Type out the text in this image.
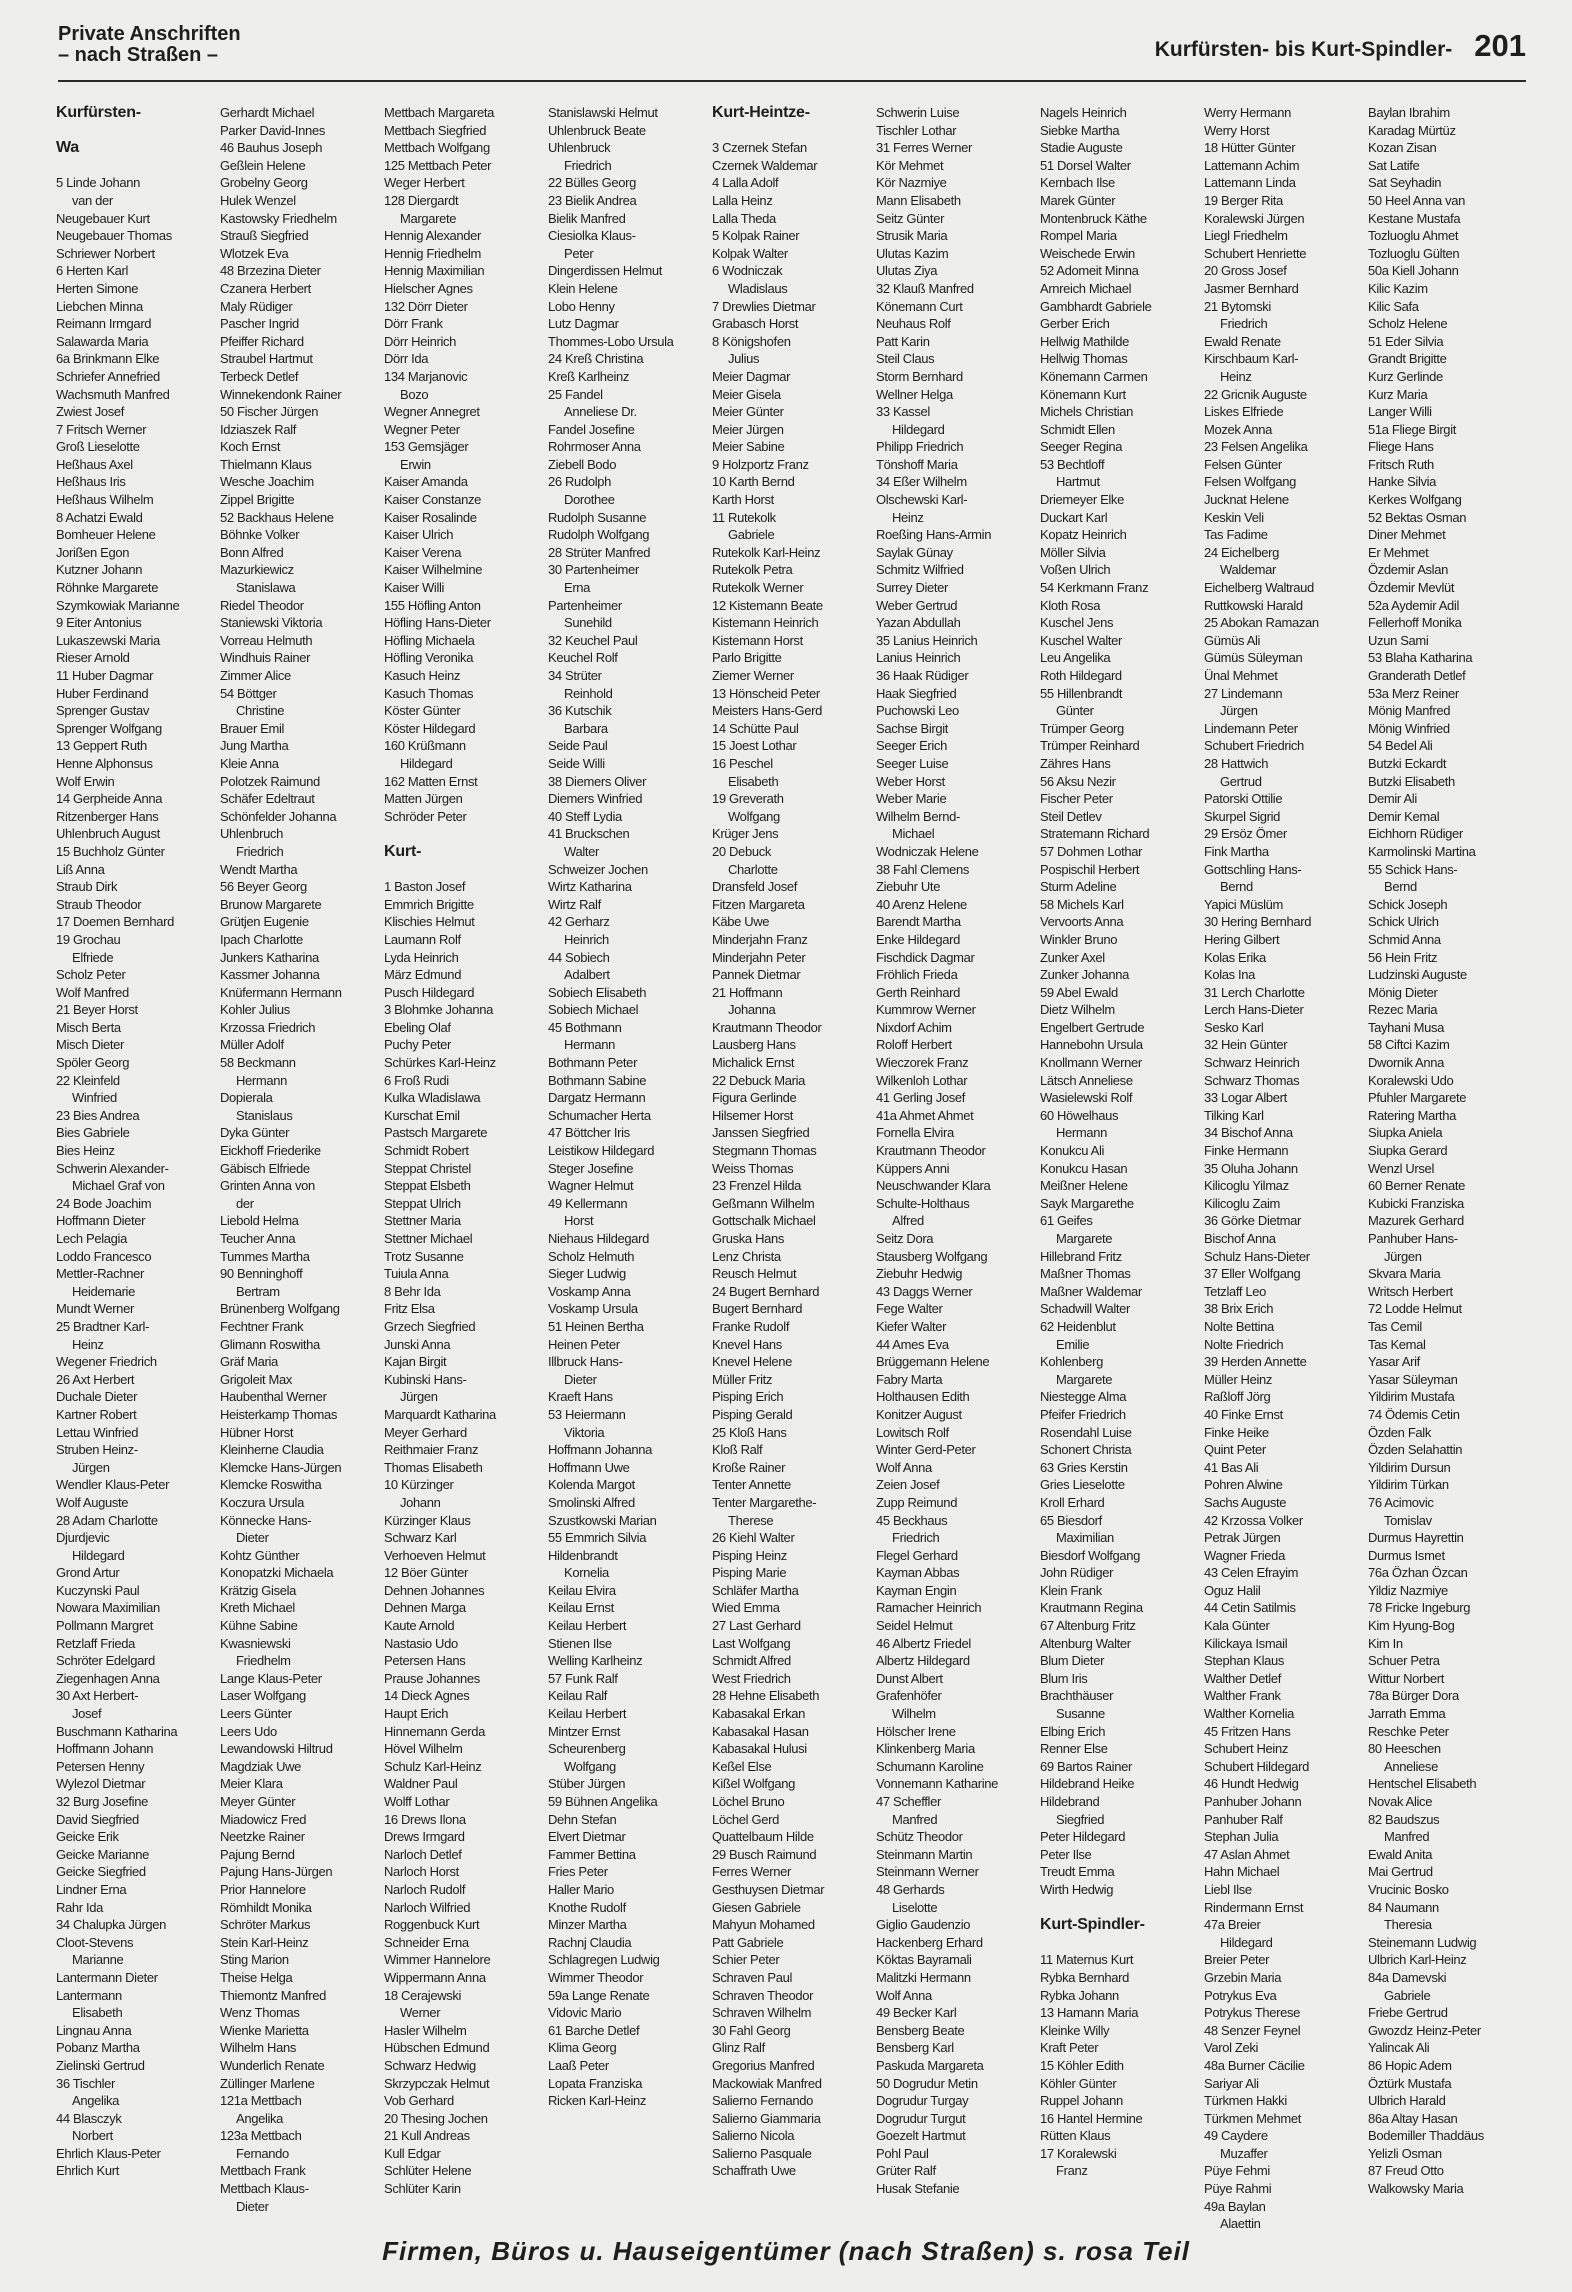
Private Anschriften
– nach Straßen –	Kurfürsten- bis Kurt-Spindler- 201
Kurfürsten-

Wa

5 Linde Johann
van der
Neugebauer Kurt
Neugebauer Thomas
Schriewer Norbert
6 Herten Karl
Herten Simone
Liebchen Minna
Reimann Irmgard
Salawarda Maria
6a Brinkmann Elke
Schriefer Annefried
Wachsmuth Manfred
Zwiest Josef
7 Fritsch Werner
Groß Lieselotte
Heßhaus Axel
Heßhaus Iris
Heßhaus Wilhelm
8 Achatzi Ewald
Bomheuer Helene
Jorißen Egon
Kutzner Johann
Röhnke Margarete
Szymkowiak Marianne
9 Eiter Antonius
Lukaszewski Maria
Rieser Arnold
11 Huber Dagmar
Huber Ferdinand
Sprenger Gustav
Sprenger Wolfgang
13 Geppert Ruth
Henne Alphonsus
Wolf Erwin
14 Gerpheide Anna
Ritzenberger Hans
Uhlenbruch August
15 Buchholz Günter
Liß Anna
Straub Dirk
Straub Theodor
17 Doemen Bernhard
19 Grochau
Elfriede
Scholz Peter
Wolf Manfred
21 Beyer Horst
Misch Berta
Misch Dieter
Spöler Georg
22 Kleinfeld
Winfried
23 Bies Andrea
Bies Gabriele
Bies Heinz
Schwerin Alexander-
Michael Graf von
24 Bode Joachim
Hoffmann Dieter
Lech Pelagia
Loddo Francesco
Mettler-Rachner
Heidemarie
Mundt Werner
25 Bradtner Karl-
Heinz
Wegener Friedrich
26 Axt Herbert
Duchale Dieter
Kartner Robert
Lettau Winfried
Struben Heinz-
Jürgen
Wendler Klaus-Peter
Wolf Auguste
28 Adam Charlotte
Djurdjevic
Hildegard
Grond Artur
Kuczynski Paul
Nowara Maximilian
Pollmann Margret
Retzlaff Frieda
Schröter Edelgard
Ziegenhagen Anna
30 Axt Herbert-
Josef
Buschmann Katharina
Hoffmann Johann
Petersen Henny
Wylezol Dietmar
32 Burg Josefine
David Siegfried
Geicke Erik
Geicke Marianne
Geicke Siegfried
Lindner Erna
Rahr Ida
34 Chalupka Jürgen
Cloot-Stevens
Marianne
Lantermann Dieter
Lantermann
Elisabeth
Lingnau Anna
Pobanz Martha
Zielinski Gertrud
36 Tischler
Angelika
44 Blasczyk
Norbert
Ehrlich Klaus-Peter
Ehrlich Kurt
Gerhardt Michael
Parker David-Innes
46 Bauhus Joseph
Geßlein Helene
Grobelny Georg
Hulek Wenzel
Kastowsky Friedhelm
Strauß Siegfried
Wlotzek Eva
48 Brzezina Dieter
Czanera Herbert
Maly Rüdiger
Pascher Ingrid
Pfeiffer Richard
Straubel Hartmut
Terbeck Detlef
Winnekendonk Rainer
50 Fischer Jürgen
Idziaszek Ralf
Koch Ernst
Thielmann Klaus
Wesche Joachim
Zippel Brigitte
52 Backhaus Helene
Böhnke Volker
Bonn Alfred
Mazurkiewicz
Stanislawa
Riedel Theodor
Staniewski Viktoria
Vorreau Helmuth
Windhuis Rainer
Zimmer Alice
54 Böttger
Christine
Brauer Emil
Jung Martha
Kleie Anna
Polotzek Raimund
Schäfer Edeltraut
Schönfelder Johanna
Uhlenbruch
Friedrich
Wendt Martha
56 Beyer Georg
Brunow Margarete
Grütjen Eugenie
Ipach Charlotte
Junkers Katharina
Kassmer Johanna
Knüfermann Hermann
Kohler Julius
Krzossa Friedrich
Müller Adolf
58 Beckmann
Hermann
Dopierala
Stanislaus
Dyka Günter
Eickhoff Friederike
Gäbisch Elfriede
Grinten Anna von
der
Liebold Helma
Teucher Anna
Tummes Martha
90 Benninghoff
Bertram
Brünenberg Wolfgang
Fechtner Frank
Glimann Roswitha
Gräf Maria
Grigoleit Max
Haubenthal Werner
Heisterkamp Thomas
Hübner Horst
Kleinherne Claudia
Klemcke Hans-Jürgen
Klemcke Roswitha
Koczura Ursula
Könnecke Hans-
Dieter
Kohtz Günther
Konopatzki Michaela
Krätzig Gisela
Kreth Michael
Kühne Sabine
Kwasniewski
Friedhelm
Lange Klaus-Peter
Laser Wolfgang
Leers Günter
Leers Udo
Lewandowski Hiltrud
Magdziak Uwe
Meier Klara
Meyer Günter
Miadowicz Fred
Neetzke Rainer
Pajung Bernd
Pajung Hans-Jürgen
Prior Hannelore
Römhildt Monika
Schröter Markus
Stein Karl-Heinz
Sting Marion
Theise Helga
Thiemontz Manfred
Wenz Thomas
Wienke Marietta
Wilhelm Hans
Wunderlich Renate
Züllinger Marlene
121a Mettbach
Angelika
123a Mettbach
Fernando
Mettbach Frank
Mettbach Klaus-
Dieter
Mettbach Margareta
Mettbach Siegfried
Mettbach Wolfgang
125 Mettbach Peter
Weger Herbert
128 Diergardt
Margarete
Hennig Alexander
Hennig Friedhelm
Hennig Maximilian
Hielscher Agnes
132 Dörr Dieter
Dörr Frank
Dörr Heinrich
Dörr Ida
134 Marjanovic
Bozo
Wegner Annegret
Wegner Peter
153 Gemsjäger
Erwin
Kaiser Amanda
Kaiser Constanze
Kaiser Rosalinde
Kaiser Ulrich
Kaiser Verena
Kaiser Wilhelmine
Kaiser Willi
155 Höfling Anton
Höfling Hans-Dieter
Höfling Michaela
Höfling Veronika
Kasuch Heinz
Kasuch Thomas
Köster Günter
Köster Hildegard
160 Krüßmann
Hildegard
162 Matten Ernst
Matten Jürgen
Schröder Peter

Kurt-

1 Baston Josef
Emmrich Brigitte
Klischies Helmut
Laumann Rolf
Lyda Heinrich
März Edmund
Pusch Hildegard
3 Blohmke Johanna
Ebeling Olaf
Puchy Peter
Schürkes Karl-Heinz
6 Froß Rudi
Kulka Wladislawa
Kurschat Emil
Pastsch Margarete
Schmidt Robert
Steppat Christel
Steppat Elsbeth
Steppat Ulrich
Stettner Maria
Stettner Michael
Trotz Susanne
Tuiula Anna
8 Behr Ida
Fritz Elsa
Grzech Siegfried
Junski Anna
Kajan Birgit
Kubinski Hans-
Jürgen
Marquardt Katharina
Meyer Gerhard
Reithmaier Franz
Thomas Elisabeth
10 Kürzinger
Johann
Kürzinger Klaus
Schwarz Karl
Verhoeven Helmut
12 Böer Günter
Dehnen Johannes
Dehnen Marga
Kaute Arnold
Nastasio Udo
Petersen Hans
Prause Johannes
14 Dieck Agnes
Haupt Erich
Hinnemann Gerda
Hövel Wilhelm
Schulz Karl-Heinz
Waldner Paul
Wolff Lothar
16 Drews Ilona
Drews Irmgard
Narloch Detlef
Narloch Horst
Narloch Rudolf
Narloch Wilfried
Roggenbuck Kurt
Schneider Erna
Wimmer Hannelore
Wippermann Anna
18 Cerajewski
Werner
Hasler Wilhelm
Hübschen Edmund
Schwarz Hedwig
Skrzypczak Helmut
Vob Gerhard
20 Thesing Jochen
21 Kull Andreas
Kull Edgar
Schlüter Helene
Schlüter Karin
Stanislawski Helmut
Uhlenbruck Beate
Uhlenbruck
Friedrich
22 Bülles Georg
23 Bielik Andrea
Bielik Manfred
Ciesiolka Klaus-
Peter
Dingerdissen Helmut
Klein Helene
Lobo Henny
Lutz Dagmar
Thommes-Lobo Ursula
24 Kreß Christina
Kreß Karlheinz
25 Fandel
Anneliese Dr.
Fandel Josefine
Rohrmoser Anna
Ziebell Bodo
26 Rudolph
Dorothee
Rudolph Susanne
Rudolph Wolfgang
28 Strüter Manfred
30 Partenheimer
Erna
Partenheimer
Sunehild
32 Keuchel Paul
Keuchel Rolf
34 Strüter
Reinhold
36 Kutschik
Barbara
Seide Paul
Seide Willi
38 Diemers Oliver
Diemers Winfried
40 Steff Lydia
41 Bruckschen
Walter
Schweizer Jochen
Wirtz Katharina
Wirtz Ralf
42 Gerharz
Heinrich
44 Sobiech
Adalbert
Sobiech Elisabeth
Sobiech Michael
45 Bothmann
Hermann
Bothmann Peter
Bothmann Sabine
Dargatz Hermann
Schumacher Herta
47 Böttcher Iris
Leistikow Hildegard
Steger Josefine
Wagner Helmut
49 Kellermann
Horst
Niehaus Hildegard
Scholz Helmuth
Sieger Ludwig
Voskamp Anna
Voskamp Ursula
51 Heinen Bertha
Heinen Peter
Illbruck Hans-
Dieter
Kraeft Hans
53 Heiermann
Viktoria
Hoffmann Johanna
Hoffmann Uwe
Kolenda Margot
Smolinski Alfred
Szustkowski Marian
55 Emmrich Silvia
Hildenbrandt
Kornelia
Keilau Elvira
Keilau Ernst
Keilau Herbert
Stienen Ilse
Welling Karlheinz
57 Funk Ralf
Keilau Ralf
Keilau Herbert
Mintzer Ernst
Scheurenberg
Wolfgang
Stüber Jürgen
59 Bühnen Angelika
Dehn Stefan
Elvert Dietmar
Fammer Bettina
Fries Peter
Haller Mario
Knothe Rudolf
Minzer Martha
Rachnj Claudia
Schlagregen Ludwig
Wimmer Theodor
59a Lange Renate
Vidovic Mario
61 Barche Detlef
Klima Georg
Laaß Peter
Lopata Franziska
Ricken Karl-Heinz
Kurt-Heintze-

3 Czernek Stefan
Czernek Waldemar
4 Lalla Adolf
Lalla Heinz
Lalla Theda
5 Kolpak Rainer
Kolpak Walter
6 Wodniczak
Wladislaus
7 Drewlies Dietmar
Grabasch Horst
8 Königshofen
Julius
Meier Dagmar
Meier Gisela
Meier Günter
Meier Jürgen
Meier Sabine
9 Holzportz Franz
10 Karth Bernd
Karth Horst
11 Rutekolk
Gabriele
Rutekolk Karl-Heinz
Rutekolk Petra
Rutekolk Werner
12 Kistemann Beate
Kistemann Heinrich
Kistemann Horst
Parlo Brigitte
Ziemer Werner
13 Hönscheid Peter
Meisters Hans-Gerd
14 Schütte Paul
15 Joest Lothar
16 Peschel
Elisabeth
19 Greverath
Wolfgang
Krüger Jens
20 Debuck
Charlotte
Dransfeld Josef
Fitzen Margareta
Käbe Uwe
Minderjahn Franz
Minderjahn Peter
Pannek Dietmar
21 Hoffmann
Johanna
Krautmann Theodor
Lausberg Hans
Michalick Ernst
22 Debuck Maria
Figura Gerlinde
Hilsemer Horst
Janssen Siegfried
Stegmann Thomas
Weiss Thomas
23 Frenzel Hilda
Geßmann Wilhelm
Gottschalk Michael
Gruska Hans
Lenz Christa
Reusch Helmut
24 Bugert Bernhard
Bugert Bernhard
Franke Rudolf
Knevel Hans
Knevel Helene
Müller Fritz
Pisping Erich
Pisping Gerald
25 Kloß Hans
Kloß Ralf
Kroße Rainer
Tenter Annette
Tenter Margarethe-
Therese
26 Kiehl Walter
Pisping Heinz
Pisping Marie
Schläfer Martha
Wied Emma
27 Last Gerhard
Last Wolfgang
Schmidt Alfred
West Friedrich
28 Hehne Elisabeth
Kabasakal Erkan
Kabasakal Hasan
Kabasakal Hulusi
Keßel Else
Kißel Wolfgang
Löchel Bruno
Löchel Gerd
Quattelbaum Hilde
29 Busch Raimund
Ferres Werner
Gesthuysen Dietmar
Giesen Gabriele
Mahyun Mohamed
Patt Gabriele
Schier Peter
Schraven Paul
Schraven Theodor
Schraven Wilhelm
30 Fahl Georg
Glinz Ralf
Gregorius Manfred
Mackowiak Manfred
Salierno Fernando
Salierno Giammaria
Salierno Nicola
Salierno Pasquale
Schaffrath Uwe
Schwerin Luise
Tischler Lothar
31 Ferres Werner
Kör Mehmet
Kör Nazmiye
Mann Elisabeth
Seitz Günter
Strusik Maria
Ulutas Kazim
Ulutas Ziya
32 Klauß Manfred
Könemann Curt
Neuhaus Rolf
Patt Karin
Steil Claus
Storm Bernhard
Wellner Helga
33 Kassel
Hildegard
Philipp Friedrich
Tönshoff Maria
34 Eßer Wilhelm
Olschewski Karl-
Heinz
Roeßing Hans-Armin
Saylak Günay
Schmitz Wilfried
Surrey Dieter
Weber Gertrud
Yazan Abdullah
35 Lanius Heinrich
Lanius Heinrich
36 Haak Rüdiger
Haak Siegfried
Puchowski Leo
Sachse Birgit
Seeger Erich
Seeger Luise
Weber Horst
Weber Marie
Wilhelm Bernd-
Michael
Wodniczak Helene
38 Fahl Clemens
Ziebuhr Ute
40 Arenz Helene
Barendt Martha
Enke Hildegard
Fischdick Dagmar
Fröhlich Frieda
Gerth Reinhard
Kummrow Werner
Nixdorf Achim
Roloff Herbert
Wieczorek Franz
Wilkenloh Lothar
41 Gerling Josef
41a Ahmet Ahmet
Fornella Elvira
Krautmann Theodor
Küppers Anni
Neuschwander Klara
Schulte-Holthaus
Alfred
Seitz Dora
Stausberg Wolfgang
Ziebuhr Hedwig
43 Daggs Werner
Fege Walter
Kiefer Walter
44 Ames Eva
Brüggemann Helene
Fabry Marta
Holthausen Edith
Konitzer August
Lowitsch Rolf
Winter Gerd-Peter
Wolf Anna
Zeien Josef
Zupp Reimund
45 Beckhaus
Friedrich
Flegel Gerhard
Kayman Abbas
Kayman Engin
Ramacher Heinrich
Seidel Helmut
46 Albertz Friedel
Albertz Hildegard
Dunst Albert
Grafenhöfer
Wilhelm
Hölscher Irene
Klinkenberg Maria
Schumann Karoline
Vonnemann Katharine
47 Scheffler
Manfred
Schütz Theodor
Steinmann Martin
Steinmann Werner
48 Gerhards
Liselotte
Giglio Gaudenzio
Hackenberg Erhard
Köktas Bayramali
Malitzki Hermann
Wolf Anna
49 Becker Karl
Bensberg Beate
Bensberg Karl
Paskuda Margareta
50 Dogrudur Metin
Dogrudur Turgay
Dogrudur Turgut
Goezelt Hartmut
Pohl Paul
Grüter Ralf
Husak Stefanie
Nagels Heinrich
Siebke Martha
Stadie Auguste
51 Dorsel Walter
Kernbach Ilse
Marek Günter
Montenbruck Käthe
Rompel Maria
Weischede Erwin
52 Adomeit Minna
Arnreich Michael
Gambhardt Gabriele
Gerber Erich
Hellwig Mathilde
Hellwig Thomas
Könemann Carmen
Könemann Kurt
Michels Christian
Schmidt Ellen
Seeger Regina
53 Bechtloff
Hartmut
Driemeyer Elke
Duckart Karl
Kopatz Heinrich
Möller Silvia
Voßen Ulrich
54 Kerkmann Franz
Kloth Rosa
Kuschel Jens
Kuschel Walter
Leu Angelika
Roth Hildegard
55 Hillenbrandt
Günter
Trümper Georg
Trümper Reinhard
Zähres Hans
56 Aksu Nezir
Fischer Peter
Steil Detlev
Stratemann Richard
57 Dohmen Lothar
Pospischil Herbert
Sturm Adeline
58 Michels Karl
Vervoorts Anna
Winkler Bruno
Zunker Axel
Zunker Johanna
59 Abel Ewald
Dietz Wilhelm
Engelbert Gertrude
Hannebohn Ursula
Knollmann Werner
Lätsch Anneliese
Wasielewski Rolf
60 Höwelhaus
Hermann
Konukcu Ali
Konukcu Hasan
Meißner Helene
Sayk Margarethe
61 Geifes
Margarete
Hillebrand Fritz
Maßner Thomas
Maßner Waldemar
Schadwill Walter
62 Heidenblut
Emilie
Kohlenberg
Margarete
Niestegge Alma
Pfeifer Friedrich
Rosendahl Luise
Schonert Christa
63 Gries Kerstin
Gries Lieselotte
Kroll Erhard
65 Biesdorf
Maximilian
Biesdorf Wolfgang
John Rüdiger
Klein Frank
Krautmann Regina
67 Altenburg Fritz
Altenburg Walter
Blum Dieter
Blum Iris
Brachthäuser
Susanne
Elbing Erich
Renner Else
69 Bartos Rainer
Hildebrand Heike
Hildebrand
Siegfried
Peter Hildegard
Peter Ilse
Treudt Emma
Wirth Hedwig

Kurt-Spindler-

11 Maternus Kurt
Rybka Bernhard
Rybka Johann
13 Hamann Maria
Kleinke Willy
Kraft Peter
15 Köhler Edith
Köhler Günter
Ruppel Johann
16 Hantel Hermine
Rütten Klaus
17 Koralewski
Franz
Werry Hermann
Werry Horst
18 Hütter Günter
Lattemann Achim
Lattemann Linda
19 Berger Rita
Koralewski Jürgen
Liegl Friedhelm
Schubert Henriette
20 Gross Josef
Jasmer Bernhard
21 Bytomski
Friedrich
Ewald Renate
Kirschbaum Karl-
Heinz
22 Gricnik Auguste
Liskes Elfriede
Mozek Anna
23 Felsen Angelika
Felsen Günter
Felsen Wolfgang
Jucknat Helene
Keskin Veli
Tas Fadime
24 Eichelberg
Waldemar
Eichelberg Waltraud
Ruttkowski Harald
25 Abokan Ramazan
Gümüs Ali
Gümüs Süleyman
Ünal Mehmet
27 Lindemann
Jürgen
Lindemann Peter
Schubert Friedrich
28 Hattwich
Gertrud
Patorski Ottilie
Skurpel Sigrid
29 Ersöz Ömer
Fink Martha
Gottschling Hans-
Bernd
Yapici Müslüm
30 Hering Bernhard
Hering Gilbert
Kolas Erika
Kolas Ina
31 Lerch Charlotte
Lerch Hans-Dieter
Sesko Karl
32 Hein Günter
Schwarz Heinrich
Schwarz Thomas
33 Logar Albert
Tilking Karl
34 Bischof Anna
Finke Hermann
35 Oluha Johann
Kilicoglu Yilmaz
Kilicoglu Zaim
36 Görke Dietmar
Bischof Anna
Schulz Hans-Dieter
37 Eller Wolfgang
Tetzlaff Leo
38 Brix Erich
Nolte Bettina
Nolte Friedrich
39 Herden Annette
Müller Heinz
Raßloff Jörg
40 Finke Ernst
Finke Heike
Quint Peter
41 Bas Ali
Pohren Alwine
Sachs Auguste
42 Krzossa Volker
Petrak Jürgen
Wagner Frieda
43 Celen Efrayim
Oguz Halil
44 Cetin Satilmis
Kala Günter
Kilickaya Ismail
Stephan Klaus
Walther Detlef
Walther Frank
Walther Kornelia
45 Fritzen Hans
Schubert Heinz
Schubert Hildegard
46 Hundt Hedwig
Panhuber Johann
Panhuber Ralf
Stephan Julia
47 Aslan Ahmet
Hahn Michael
Liebl Ilse
Rindermann Ernst
47a Breier
Hildegard
Breier Peter
Grzebin Maria
Potrykus Eva
Potrykus Therese
48 Senzer Feynel
Varol Zeki
48a Burner Cäcilie
Sariyar Ali
Türkmen Hakki
Türkmen Mehmet
49 Caydere
Muzaffer
Püye Fehmi
Püye Rahmi
49a Baylan
Alaettin
Baylan Ibrahim
Karadag Mürtüz
Kozan Zisan
Sat Latife
Sat Seyhadin
50 Heel Anna van
Kestane Mustafa
Tozluoglu Ahmet
Tozluoglu Gülten
50a Kiell Johann
Kilic Kazim
Kilic Safa
Scholz Helene
51 Eder Silvia
Grandt Brigitte
Kurz Gerlinde
Kurz Maria
Langer Willi
51a Fliege Birgit
Fliege Hans
Fritsch Ruth
Hanke Silvia
Kerkes Wolfgang
52 Bektas Osman
Diner Mehmet
Er Mehmet
Özdemir Aslan
Özdemir Mevlüt
52a Aydemir Adil
Fellerhoff Monika
Uzun Sami
53 Blaha Katharina
Granderath Detlef
53a Merz Reiner
Mönig Manfred
Mönig Winfried
54 Bedel Ali
Butzki Eckardt
Butzki Elisabeth
Demir Ali
Demir Kemal
Eichhorn Rüdiger
Karmolinski Martina
55 Schick Hans-
Bernd
Schick Joseph
Schick Ulrich
Schmid Anna
56 Hein Fritz
Ludzinski Auguste
Mönig Dieter
Rezec Maria
Tayhani Musa
58 Ciftci Kazim
Dwornik Anna
Koralewski Udo
Pfuhler Margarete
Ratering Martha
Siupka Aniela
Siupka Gerard
Wenzl Ursel
60 Berner Renate
Kubicki Franziska
Mazurek Gerhard
Panhuber Hans-
Jürgen
Skvara Maria
Writsch Herbert
72 Lodde Helmut
Tas Cemil
Tas Kemal
Yasar Arif
Yasar Süleyman
Yildirim Mustafa
74 Ödemis Cetin
Özden Falk
Özden Selahattin
Yildirim Dursun
Yildirim Türkan
76 Acimovic
Tomislav
Durmus Hayrettin
Durmus Ismet
76a Özhan Özcan
Yildiz Nazmiye
78 Fricke Ingeburg
Kim Hyung-Bog
Kim In
Schuer Petra
Wittur Norbert
78a Bürger Dora
Jarrath Emma
Reschke Peter
80 Heeschen
Anneliese
Hentschel Elisabeth
Novak Alice
82 Baudszus
Manfred
Ewald Anita
Mai Gertrud
Vrucinic Bosko
84 Naumann
Theresia
Steinemann Ludwig
Ulbrich Karl-Heinz
84a Damevski
Gabriele
Friebe Gertrud
Gwozdz Heinz-Peter
Yalincak Ali
86 Hopic Adem
Öztürk Mustafa
Ulbrich Harald
86a Altay Hasan
Bodemiller Thaddäus
Yelizli Osman
87 Freud Otto
Walkowsky Maria
Firmen, Büros u. Hauseigentümer (nach Straßen) s. rosa Teil
